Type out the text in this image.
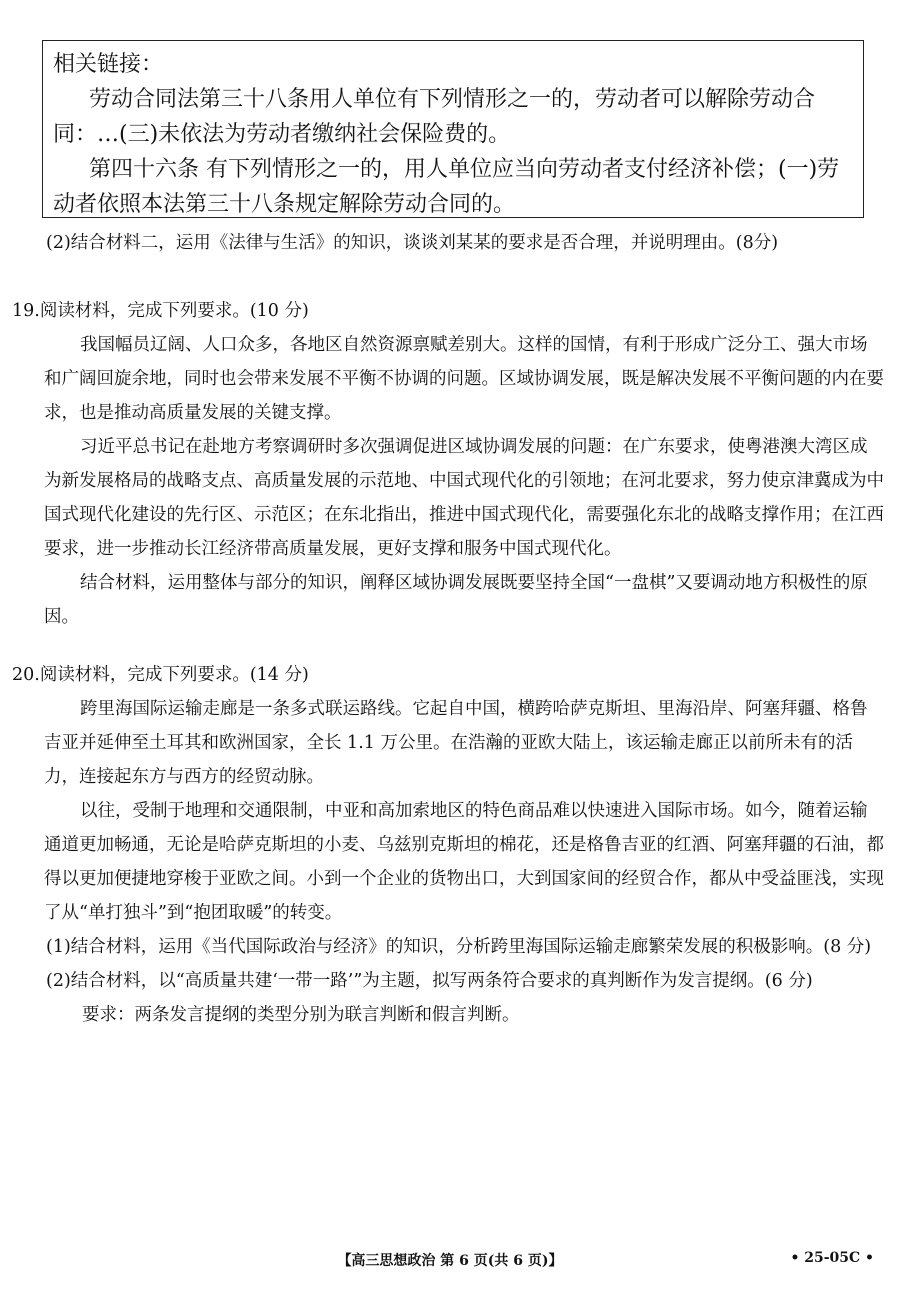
相关链接：

劳动合同法第三十八条用人单位有下列情形之一的，劳动者可以解除劳动合同：…(三)未依法为劳动者缴纳社会保险费的。

第四十六条 有下列情形之一的，用人单位应当向劳动者支付经济补偿；(一)劳动者依照本法第三十八条规定解除劳动合同的。

(2)结合材料二，运用《法律与生活》的知识，谈谈刘某某的要求是否合理，并说明理由。(8分)

19.阅读材料，完成下列要求。(10 分)

我国幅员辽阔、人口众多，各地区自然资源禀赋差别大。这样的国情，有利于形成广泛分工、强大市场和广阔回旋余地，同时也会带来发展不平衡不协调的问题。区域协调发展，既是解决发展不平衡问题的内在要求，也是推动高质量发展的关键支撑。

习近平总书记在赴地方考察调研时多次强调促进区域协调发展的问题：在广东要求，使粤港澳大湾区成为新发展格局的战略支点、高质量发展的示范地、中国式现代化的引领地；在河北要求，努力使京津冀成为中国式现代化建设的先行区、示范区；在东北指出，推进中国式现代化，需要强化东北的战略支撑作用；在江西要求，进一步推动长江经济带高质量发展，更好支撑和服务中国式现代化。

结合材料，运用整体与部分的知识，阐释区域协调发展既要坚持全国“一盘棋”又要调动地方积极性的原因。

20.阅读材料，完成下列要求。(14 分)

跨里海国际运输走廊是一条多式联运路线。它起自中国，横跨哈萨克斯坦、里海沿岸、阿塞拜疆、格鲁吉亚并延伸至土耳其和欧洲国家，全长 1.1 万公里。在浩瀚的亚欧大陆上，该运输走廊正以前所未有的活力，连接起东方与西方的经贸动脉。

以往，受制于地理和交通限制，中亚和高加索地区的特色商品难以快速进入国际市场。如今，随着运输通道更加畅通，无论是哈萨克斯坦的小麦、乌兹别克斯坦的棉花，还是格鲁吉亚的红酒、阿塞拜疆的石油，都得以更加便捷地穿梭于亚欧之间。小到一个企业的货物出口，大到国家间的经贸合作，都从中受益匪浅，实现了从“单打独斗”到“抱团取暖”的转变。

(1)结合材料，运用《当代国际政治与经济》的知识，分析跨里海国际运输走廊繁荣发展的积极影响。(8 分)

(2)结合材料，以“高质量共建‘一带一路’”为主题，拟写两条符合要求的真判断作为发言提纲。(6 分)

要求：两条发言提纲的类型分别为联言判断和假言判断。

【高三思想政治 第 6 页(共 6 页)】	• 25-05C •
